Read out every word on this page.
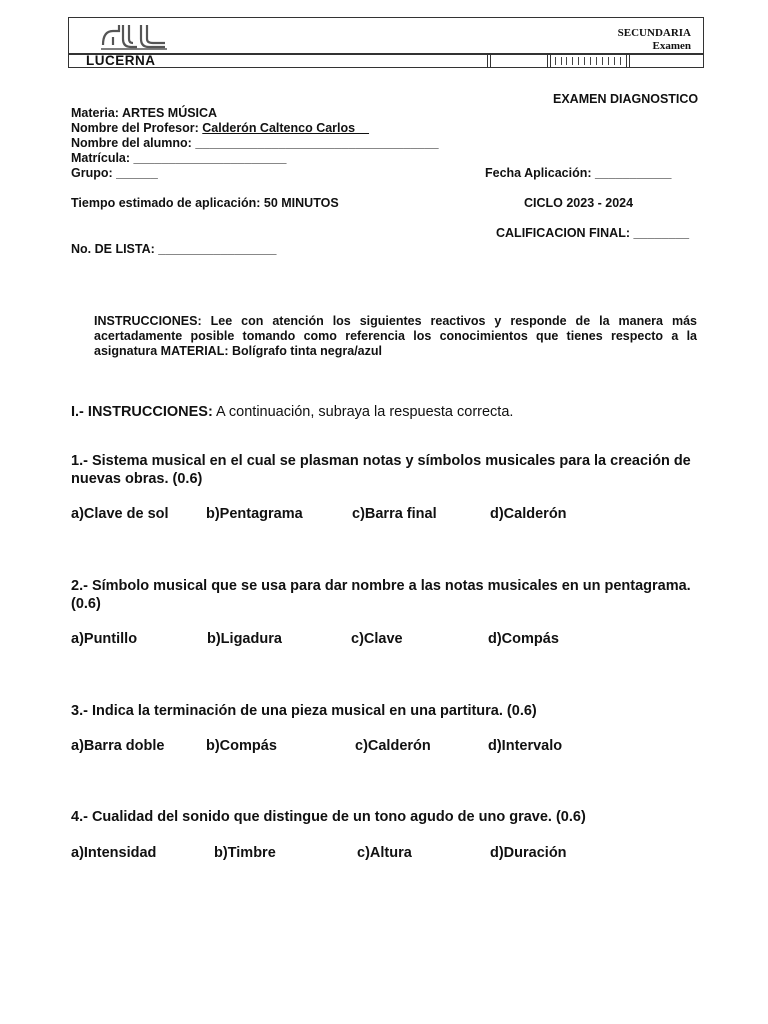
SECUNDARIA
Examen
LUCERNA
EXAMEN DIAGNOSTICO
Materia: ARTES MÚSICA
Nombre del Profesor: Calderón Caltenco Carlos__
Nombre del alumno: ___________________________________
Matrícula: ______________________
Grupo: ______	Fecha Aplicación: ___________
Tiempo estimado de aplicación: 50 MINUTOS	CICLO 2023 - 2024
CALIFICACION FINAL: ________
No. DE LISTA: _________________
INSTRUCCIONES: Lee con atención los siguientes reactivos y responde de la manera más acertadamente posible tomando como referencia los conocimientos que tienes respecto a la asignatura MATERIAL: Bolígrafo tinta negra/azul
I.- INSTRUCCIONES: A continuación, subraya la respuesta correcta.
1.- Sistema musical en el cual se plasman notas y símbolos musicales para la creación de nuevas obras. (0.6)
a)Clave de sol	b)Pentagrama	c)Barra final	d)Calderón
2.- Símbolo musical que se usa para dar nombre a las notas musicales en un pentagrama. (0.6)
a)Puntillo	b)Ligadura	c)Clave	d)Compás
3.- Indica la terminación de una pieza musical en una partitura. (0.6)
a)Barra doble	b)Compás	c)Calderón	d)Intervalo
4.- Cualidad del sonido que distingue de un tono agudo de uno grave. (0.6)
a)Intensidad	b)Timbre	c)Altura	d)Duración
